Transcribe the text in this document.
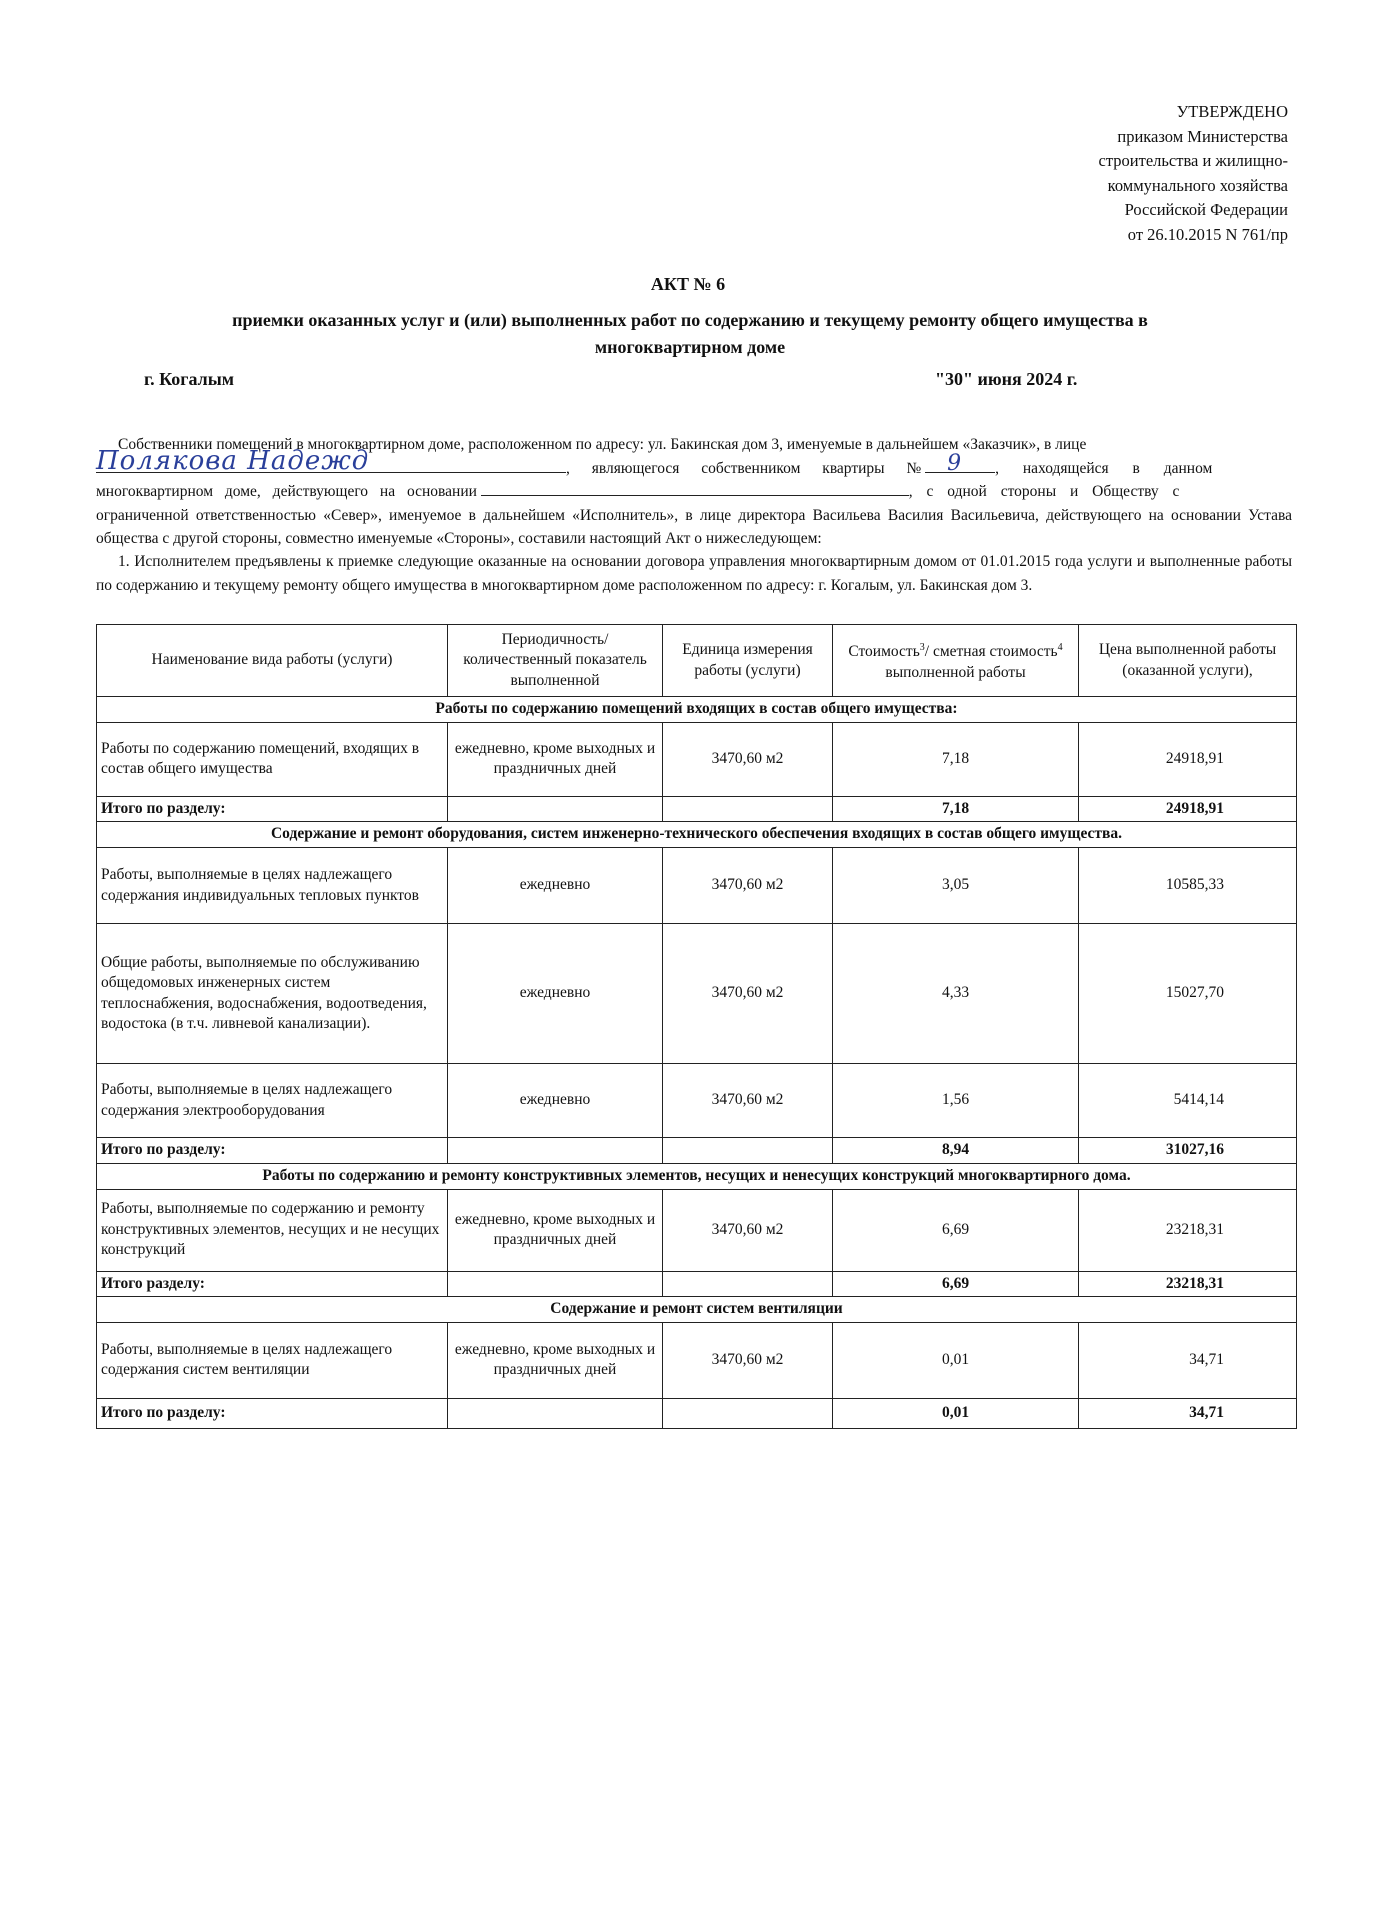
УТВЕРЖДЕНО
приказом Министерства
строительства и жилищно-
коммунального хозяйства
Российской Федерации
от 26.10.2015 N 761/пр
АКТ № 6
приемки оказанных услуг и (или) выполненных работ по содержанию и текущему ремонту общего имущества в многоквартирном доме
г. Когалым	"30" июня 2024 г.
Собственники помещений в многоквартирном доме, расположенном по адресу: ул. Бакинская дом 3, именуемые в дальнейшем «Заказчик», в лице

Полякова Надежд	, являющегося собственником квартиры № 9 , находящейся в данном
многоквартирном доме, действующего на основании	, с одной стороны и Обществу с
ограниченной ответственностью «Север», именуемое в дальнейшем «Исполнитель», в лице директора Васильева Василия Васильевича, действующего на основании Устава общества с другой стороны, совместно именуемые «Стороны», составили настоящий Акт о нижеследующем:
1. Исполнителем предъявлены к приемке следующие оказанные на основании договора управления многоквартирным домом от 01.01.2015 года услуги и выполненные работы по содержанию и текущему ремонту общего имущества в многоквартирном доме расположенном по адресу: г. Когалым, ул. Бакинская дом 3.
Наименование вида работы (услуги)	Периодичность/ количественный показатель выполненной	Единица измерения работы (услуги)	Стоимость$^3$/ сметная стоимость$^4$ выполненной работы	Цена выполненной работы (оказанной услуги),
Работы по содержанию помещений входящих в состав общего имущества:				
Работы по содержанию помещений, входящих в состав общего имущества	ежедневно, кроме выходных и праздничных дней	3470,60 м2	7,18	24918,91
Итого по разделу:			7,18	24918,91
Содержание и ремонт оборудования, систем инженерно-технического обеспечения входящих в состав общего имущества.				
Работы, выполняемые в целях надлежащего содержания индивидуальных тепловых пунктов	ежедневно	3470,60 м2	3,05	10585,33
Общие работы, выполняемые по обслуживанию общедомовых инженерных систем теплоснабжения, водоснабжения, водоотведения, водостока (в т.ч. ливневой канализации).	ежедневно	3470,60 м2	4,33	15027,70
Работы, выполняемые в целях надлежащего содержания электрооборудования	ежедневно	3470,60 м2	1,56	5414,14
Итого по разделу:			8,94	31027,16
Работы по содержанию и ремонту конструктивных элементов, несущих и ненесущих конструкций многоквартирного дома.				
Работы, выполняемые по содержанию и ремонту конструктивных элементов, несущих и не несущих конструкций	ежедневно, кроме выходных и праздничных дней	3470,60 м2	6,69	23218,31
Итого разделу:			6,69	23218,31
Содержание и ремонт систем вентиляции				
Работы, выполняемые в целях надлежащего содержания систем вентиляции	ежедневно, кроме выходных и праздничных дней	3470,60 м2	0,01	34,71
Итого по разделу:			0,01	34,71
